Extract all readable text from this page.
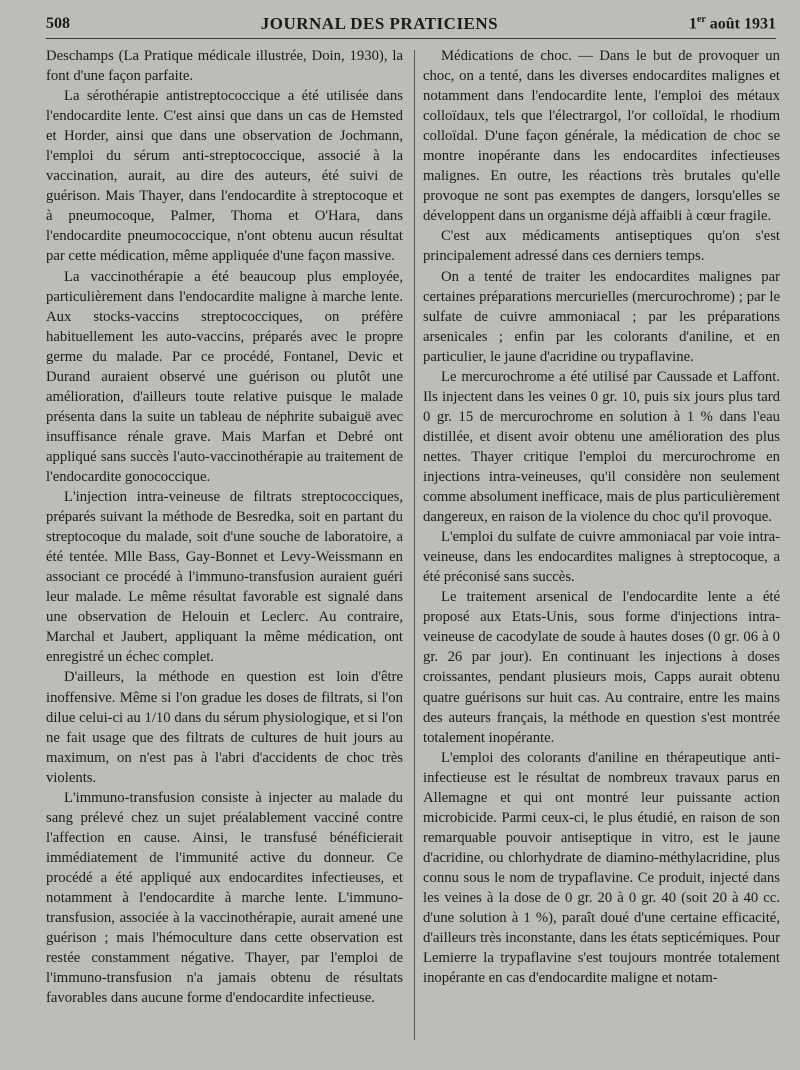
508	JOURNAL DES PRATICIENS	1er août 1931

Deschamps (La Pratique médicale illustrée, Doin, 1930), la font d'une façon parfaite.

La sérothérapie antistreptococcique a été utilisée dans l'endocardite lente. C'est ainsi que dans un cas de Hemsted et Horder, ainsi que dans une observation de Jochmann, l'emploi du sérum anti-streptococcique, associé à la vaccination, aurait, au dire des auteurs, été suivi de guérison. Mais Thayer, dans l'endocardite à streptocoque et à pneumocoque, Palmer, Thoma et O'Hara, dans l'endocardite pneumococcique, n'ont obtenu aucun résultat par cette médication, même appliquée d'une façon massive.

La vaccinothérapie a été beaucoup plus employée, particulièrement dans l'endocardite maligne à marche lente. Aux stocks-vaccins streptococciques, on préfère habituellement les auto-vaccins, préparés avec le propre germe du malade. Par ce procédé, Fontanel, Devic et Durand auraient observé une guérison ou plutôt une amélioration, d'ailleurs toute relative puisque le malade présenta dans la suite un tableau de néphrite subaiguë avec insuffisance rénale grave. Mais Marfan et Debré ont appliqué sans succès l'auto-vaccinothérapie au traitement de l'endocardite gonococcique.

L'injection intra-veineuse de filtrats streptococciques, préparés suivant la méthode de Besredka, soit en partant du streptocoque du malade, soit d'une souche de laboratoire, a été tentée. Mlle Bass, Gay-Bonnet et Levy-Weissmann en associant ce procédé à l'immuno-transfusion auraient guéri leur malade. Le même résultat favorable est signalé dans une observation de Helouin et Leclerc. Au contraire, Marchal et Jaubert, appliquant la même médication, ont enregistré un échec complet.

D'ailleurs, la méthode en question est loin d'être inoffensive. Même si l'on gradue les doses de filtrats, si l'on dilue celui-ci au 1/10 dans du sérum physiologique, et si l'on ne fait usage que des filtrats de cultures de huit jours au maximum, on n'est pas à l'abri d'accidents de choc très violents.

L'immuno-transfusion consiste à injecter au malade du sang prélevé chez un sujet préalablement vacciné contre l'affection en cause. Ainsi, le transfusé bénéficierait immédiatement de l'immunité active du donneur. Ce procédé a été appliqué aux endocardites infectieuses, et notamment à l'endocardite à marche lente. L'immuno-transfusion, associée à la vaccinothérapie, aurait amené une guérison ; mais l'hémoculture dans cette observation est restée constamment négative. Thayer, par l'emploi de l'immuno-transfusion n'a jamais obtenu de résultats favorables dans aucune forme d'endocardite infectieuse.

Médications de choc. — Dans le but de provoquer un choc, on a tenté, dans les diverses endocardites malignes et notamment dans l'endocardite lente, l'emploi des métaux colloïdaux, tels que l'électrargol, l'or colloïdal, le rhodium colloïdal. D'une façon générale, la médication de choc se montre inopérante dans les endocardites infectieuses malignes. En outre, les réactions très brutales qu'elle provoque ne sont pas exemptes de dangers, lorsqu'elles se développent dans un organisme déjà affaibli à cœur fragile.

C'est aux médicaments antiseptiques qu'on s'est principalement adressé dans ces derniers temps.

On a tenté de traiter les endocardites malignes par certaines préparations mercurielles (mercurochrome) ; par le sulfate de cuivre ammoniacal ; par les préparations arsenicales ; enfin par les colorants d'aniline, et en particulier, le jaune d'acridine ou trypaflavine.

Le mercurochrome a été utilisé par Caussade et Laffont. Ils injectent dans les veines 0 gr. 10, puis six jours plus tard 0 gr. 15 de mercurochrome en solution à 1 % dans l'eau distillée, et disent avoir obtenu une amélioration des plus nettes. Thayer critique l'emploi du mercurochrome en injections intra-veineuses, qu'il considère non seulement comme absolument inefficace, mais de plus particulièrement dangereux, en raison de la violence du choc qu'il provoque.

L'emploi du sulfate de cuivre ammoniacal par voie intra-veineuse, dans les endocardites malignes à streptocoque, a été préconisé sans succès.

Le traitement arsenical de l'endocardite lente a été proposé aux Etats-Unis, sous forme d'injections intra-veineuse de cacodylate de soude à hautes doses (0 gr. 06 à 0 gr. 26 par jour). En continuant les injections à doses croissantes, pendant plusieurs mois, Capps aurait obtenu quatre guérisons sur huit cas. Au contraire, entre les mains des auteurs français, la méthode en question s'est montrée totalement inopérante.

L'emploi des colorants d'aniline en thérapeutique anti-infectieuse est le résultat de nombreux travaux parus en Allemagne et qui ont montré leur puissante action microbicide. Parmi ceux-ci, le plus étudié, en raison de son remarquable pouvoir antiseptique in vitro, est le jaune d'acridine, ou chlorhydrate de diamino-méthylacridine, plus connu sous le nom de trypaflavine. Ce produit, injecté dans les veines à la dose de 0 gr. 20 à 0 gr. 40 (soit 20 à 40 cc. d'une solution à 1 %), paraît doué d'une certaine efficacité, d'ailleurs très inconstante, dans les états septicémiques. Pour Lemierre la trypaflavine s'est toujours montrée totalement inopérante en cas d'endocardite maligne et notam-
